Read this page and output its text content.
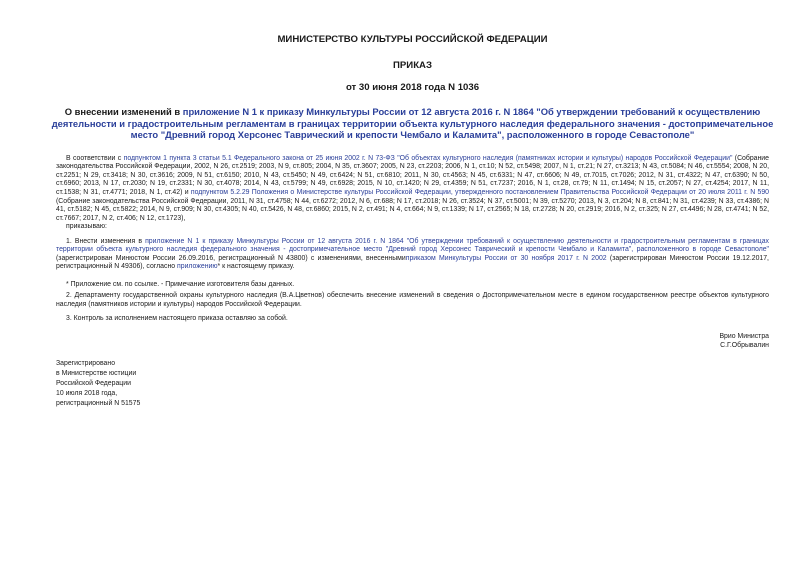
МИНИСТЕРСТВО КУЛЬТУРЫ РОССИЙСКОЙ ФЕДЕРАЦИИ
ПРИКАЗ
от 30 июня 2018 года N 1036
О внесении изменений в приложение N 1 к приказу Минкультуры России от 12 августа 2016 г. N 1864 "Об утверждении требований к осуществлению деятельности и градостроительным регламентам в границах территории объекта культурного наследия федерального значения - достопримечательное место "Древний город Херсонес Таврический и крепости Чембало и Каламита", расположенного в городе Севастополе"

В соответствии с подпунктом 1 пункта 3 статьи 5.1 Федерального закона от 25 июня 2002 г. N 73-ФЗ "Об объектах культурного наследия (памятниках истории и культуры) народов Российской Федерации" (Собрание законодательства Российской Федерации, 2002, N 26, ст.2519; 2003, N 9, ст.805; 2004, N 35, ст.3607; 2005, N 23, ст.2203; 2006, N 1, ст.10; N 52, ст.5498; 2007, N 1, ст.21; N 27, ст.3213; N 43, ст.5084; N 46, ст.5554; 2008, N 20, ст.2251; N 29, ст.3418; N 30, ст.3616; 2009, N 51, ст.6150; 2010, N 43, ст.5450; N 49, ст.6424; N 51, ст.6810; 2011, N 30, ст.4563; N 45, ст.6331; N 47, ст.6606; N 49, ст.7015, ст.7026; 2012, N 31, ст.4322; N 47, ст.6390; N 50, ст.6960; 2013, N 17, ст.2030; N 19, ст.2331; N 30, ст.4078; 2014, N 43, ст.5799; N 49, ст.6928; 2015, N 10, ст.1420; N 29, ст.4359; N 51, ст.7237; 2016, N 1, ст.28, ст.79; N 11, ст.1494; N 15, ст.2057; N 27, ст.4254; 2017, N 11, ст.1538; N 31, ст.4771; 2018, N 1, ст.42) и подпунктом 5.2.29 Положения о Министерстве культуры Российской Федерации, утвержденного постановлением Правительства Российской Федерации от 20 июля 2011 г. N 590 (Собрание законодательства Российской Федерации, 2011, N 31, ст.4758; N 44, ст.6272; 2012, N 6, ст.688; N 17, ст.2018; N 26, ст.3524; N 37, ст.5001; N 39, ст.5270; 2013, N 3, ст.204; N 8, ст.841; N 31, ст.4239; N 33, ст.4386; N 41, ст.5182; N 45, ст.5822; 2014, N 9, ст.909; N 30, ст.4305; N 40, ст.5426, N 48, ст.6860; 2015, N 2, ст.491; N 4, ст.664; N 9, ст.1339; N 17, ст.2565; N 18, ст.2728; N 20, ст.2919; 2016, N 2, ст.325; N 27, ст.4496; N 28, ст.4741; N 52, ст.7667; 2017, N 2, ст.406; N 12, ст.1723),

приказываю:

1. Внести изменения в приложение N 1 к приказу Минкультуры России от 12 августа 2016 г. N 1864 "Об утверждении требований к осуществлению деятельности и градостроительным регламентам в границах территории объекта культурного наследия федерального значения - достопримечательное место "Древний город Херсонес Таврический и крепости Чембало и Каламита", расположенного в городе Севастополе" (зарегистрирован Минюстом России 26.09.2016, регистрационный N 43800) с изменениями, внесеннымиприказом Минкультуры России от 30 ноября 2017 г. N 2002 (зарегистрирован Минюстом России 19.12.2017, регистрационный N 49306), согласно приложению* к настоящему приказу.

* Приложение см. по ссылке. - Примечание изготовителя базы данных.

2. Департаменту государственной охраны культурного наследия (В.А.Цветнов) обеспечить внесение изменений в сведения о Достопримечательном месте в едином государственном реестре объектов культурного наследия (памятников истории и культуры) народов Российской Федерации.

3. Контроль за исполнением настоящего приказа оставляю за собой.

Врио Министра
С.Г.Обрывалин
Зарегистрировано
в Министерстве юстиции
Российской Федерации
10 июля 2018 года,
регистрационный N 51575
